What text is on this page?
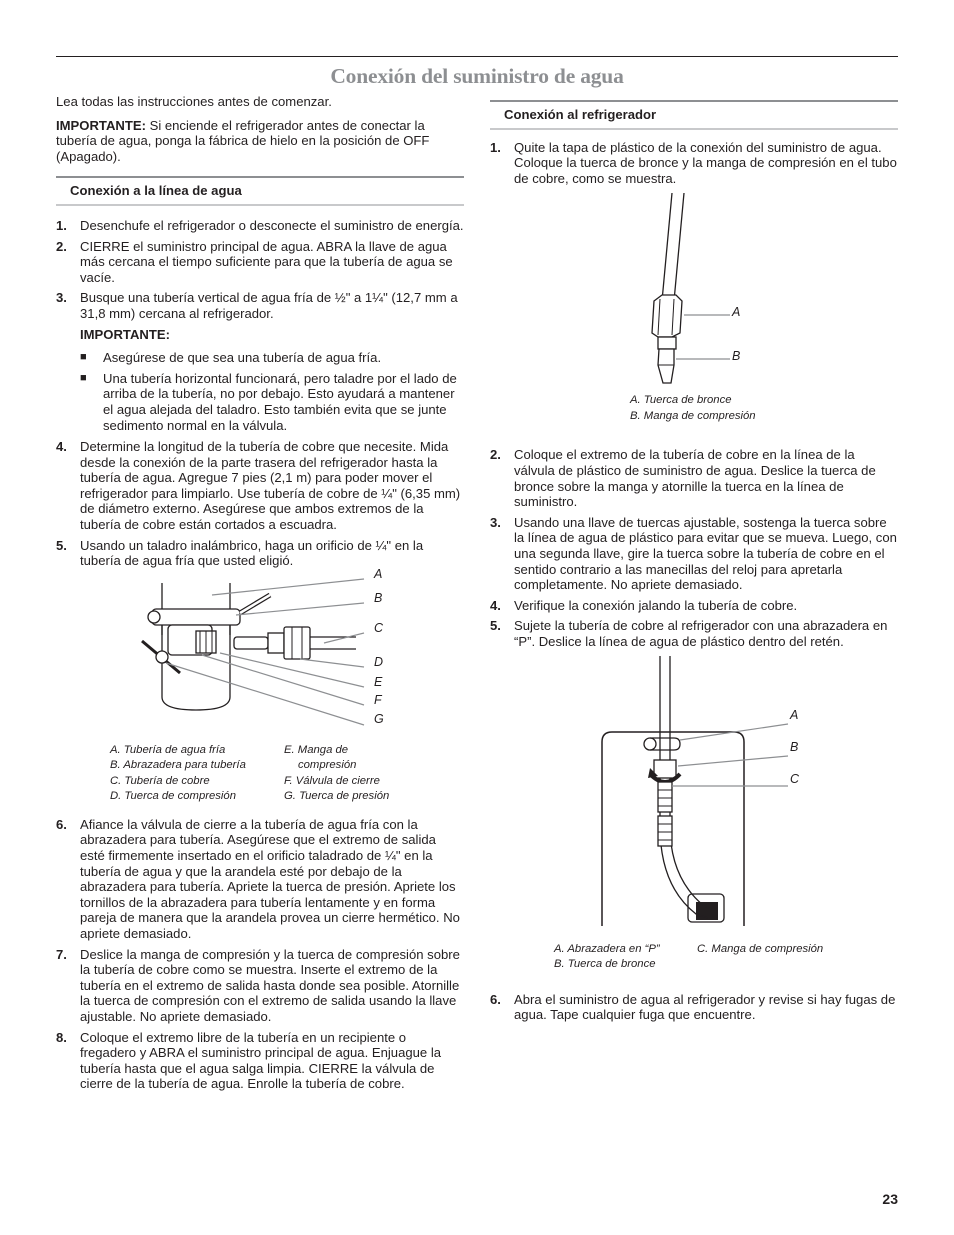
Conexión del suministro de agua

Lea todas las instrucciones antes de comenzar.

IMPORTANTE: Si enciende el refrigerador antes de conectar la tubería de agua, ponga la fábrica de hielo en la posición de OFF (Apagado).

Conexión a la línea de agua
1. Desenchufe el refrigerador o desconecte el suministro de energía.
2. CIERRE el suministro principal de agua. ABRA la llave de agua más cercana el tiempo suficiente para que la tubería de agua se vacíe.
3. Busque una tubería vertical de agua fría de ½" a 1¼" (12,7 mm a 31,8 mm) cercana al refrigerador.

IMPORTANTE:

■	Asegúrese de que sea una tubería de agua fría.
■	Una tubería horizontal funcionará, pero taladre por el lado de arriba de la tubería, no por debajo. Esto ayudará a mantener el agua alejada del taladro. Esto también evita que se junte sedimento normal en la válvula.
4. Determine la longitud de la tubería de cobre que necesite. Mida desde la conexión de la parte trasera del refrigerador hasta la tubería de agua. Agregue 7 pies (2,1 m) para poder mover el refrigerador para limpiarlo. Use tubería de cobre de ¼" (6,35 mm) de diámetro externo. Asegúrese que ambos extremos de la tubería de cobre están cortados a escuadra.
5. Usando un taladro inalámbrico, haga un orificio de ¼" en la tubería de agua fría que usted eligió.
A
B
C
D
E
F
G
A. Tubería de agua fría
B. Abrazadera para tubería
C. Tubería de cobre
D. Tuerca de compresión
E. Manga de
compresión
F. Válvula de cierre
G. Tuerca de presión
6. Afiance la válvula de cierre a la tubería de agua fría con la abrazadera para tubería. Asegúrese que el extremo de salida esté firmemente insertado en el orificio taladrado de ¼" en la tubería de agua y que la arandela esté por debajo de la abrazadera para tubería. Apriete la tuerca de presión. Apriete los tornillos de la abrazadera para tubería lentamente y en forma pareja de manera que la arandela provea un cierre hermético. No apriete demasiado.
7. Deslice la manga de compresión y la tuerca de compresión sobre la tubería de cobre como se muestra. Inserte el extremo de la tubería en el extremo de salida hasta donde sea posible. Atornille la tuerca de compresión con el extremo de salida usando la llave ajustable. No apriete demasiado.
8. Coloque el extremo libre de la tubería en un recipiente o fregadero y ABRA el suministro principal de agua. Enjuague la tubería hasta que el agua salga limpia. CIERRE la válvula de cierre de la tubería de agua. Enrolle la tubería de cobre.
Conexión al refrigerador
1. Quite la tapa de plástico de la conexión del suministro de agua. Coloque la tuerca de bronce y la manga de compresión en el tubo de cobre, como se muestra.
A
B
A. Tuerca de bronce
B. Manga de compresión
2. Coloque el extremo de la tubería de cobre en la línea de la válvula de plástico de suministro de agua. Deslice la tuerca de bronce sobre la manga y atornille la tuerca en la línea de suministro.
3. Usando una llave de tuercas ajustable, sostenga la tuerca sobre la línea de agua de plástico para evitar que se mueva. Luego, con una segunda llave, gire la tuerca sobre la tubería de cobre en el sentido contrario a las manecillas del reloj para apretarla completamente. No apriete demasiado.
4. Verifique la conexión jalando la tubería de cobre.
5. Sujete la tubería de cobre al refrigerador con una abrazadera en “P”. Deslice la línea de agua de plástico dentro del retén.
A
B
C
A. Abrazadera en “P”
B. Tuerca de bronce
C. Manga de compresión
6. Abra el suministro de agua al refrigerador y revise si hay fugas de agua. Tape cualquier fuga que encuentre.
23
